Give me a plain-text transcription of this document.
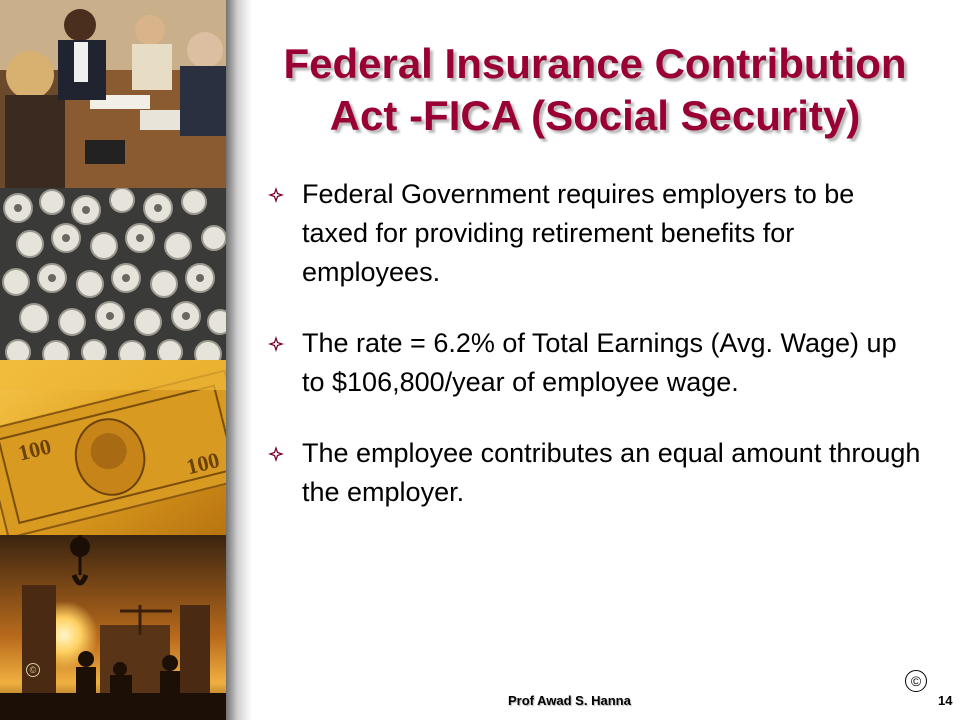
100	100
©
Federal Insurance Contribution
Act -FICA (Social Security)
Federal Government requires employers to be taxed for providing retirement benefits for employees.
The rate = 6.2% of Total Earnings (Avg. Wage) up to $106,800/year of employee wage.
The employee contributes an equal amount through the employer.
©
Prof Awad S. Hanna	14
